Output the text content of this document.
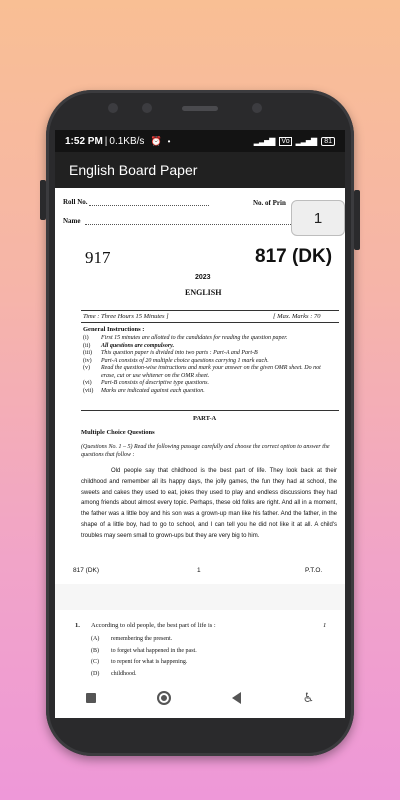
1:52 PM | 0.1KB/s ⏰ •	▂▃▅▇ Vo ▂▃▅▇	81
English Board Paper
Roll No.	No. of Prin
Name
917	817 (DK)
2023
ENGLISH
Time : Three Hours 15 Minutes ]	[ Max. Marks : 70
General Instructions :
(i)	First 15 minutes are allotted to the candidates for reading the question paper.
(ii)	All questions are compulsory.
(iii)	This question paper is divided into two parts : Part-A and Part-B
(iv)	Part-A consists of 20 multiple choice questions carrying 1 mark each.
(v)	Read the question-wise instructions and mark your answer on the given OMR sheet. Do not erase, cut or use whitener on the OMR sheet.
(vi)	Part-B consists of descriptive type questions.
(vii)	Marks are indicated against each question.
PART-A
Multiple Choice Questions
(Questions No. 1 – 5) Read the following passage carefully and choose the correct option to answer the questions that follow :
Old people say that childhood is the best part of life. They look back at their childhood and remember all its happy days, the jolly games, the fun they had at school, the sweets and cakes they used to eat, jokes they used to play and endless discussions they had among friends about almost every topic. Perhaps, these old folks are right. And all in a moment, the father was a little boy and his son was a grown-up man like his father. And the father, in the shape of a little boy, had to go to school, and I can tell you he did not like it at all. A child's troubles may seem small to grown-ups but they are very big to him.
817 (DK)	1	P.T.O.
1. According to old people, the best part of life is :	1
(A)	remembering the present.
(B)	to forget what happened in the past.
(C)	to repent for what is happening.
(D)	childhood.
1
♿
